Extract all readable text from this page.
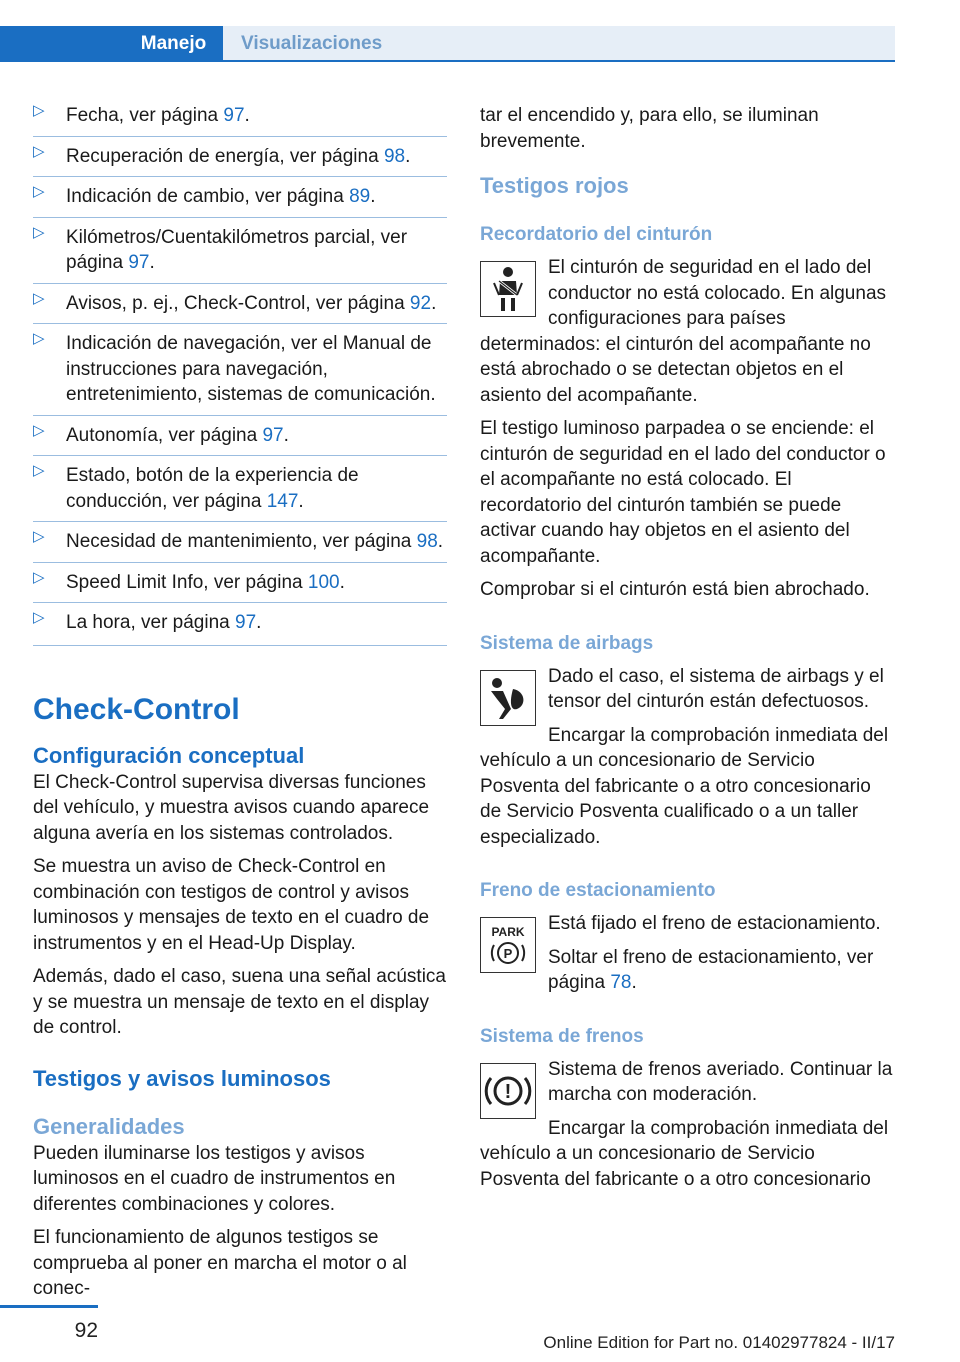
Manejo	Visualizaciones
▷ Fecha, ver página 97.
▷ Recuperación de energía, ver página 98.
▷ Indicación de cambio, ver página 89.
▷ Kilómetros/Cuentakilómetros parcial, ver página 97.
▷ Avisos, p. ej., Check-Control, ver página 92.
▷ Indicación de navegación, ver el Manual de instrucciones para navegación, entretenimiento, sistemas de comunicación.
▷ Autonomía, ver página 97.
▷ Estado, botón de la experiencia de conducción, ver página 147.
▷ Necesidad de mantenimiento, ver página 98.
▷ Speed Limit Info, ver página 100.
▷ La hora, ver página 97.
Check-Control
Configuración conceptual

El Check-Control supervisa diversas funciones del vehículo, y muestra avisos cuando aparece alguna avería en los sistemas controlados.

Se muestra un aviso de Check-Control en combinación con testigos de control y avisos luminosos y mensajes de texto en el cuadro de instrumentos y en el Head-Up Display.

Además, dado el caso, suena una señal acústica y se muestra un mensaje de texto en el display de control.

Testigos y avisos luminosos
Generalidades

Pueden iluminarse los testigos y avisos luminosos en el cuadro de instrumentos en diferentes combinaciones y colores.

El funcionamiento de algunos testigos se comprueba al poner en marcha el motor o al conec-

tar el encendido y, para ello, se iluminan brevemente.

Testigos rojos
Recordatorio del cinturón

El cinturón de seguridad en el lado del conductor no está colocado. En algunas configuraciones para países determinados: el cinturón del acompañante no está abrochado o se detectan objetos en el asiento del acompañante.

El testigo luminoso parpadea o se enciende: el cinturón de seguridad en el lado del conductor o el acompañante no está colocado. El recordatorio del cinturón también se puede activar cuando hay objetos en el asiento del acompañante.

Comprobar si el cinturón está bien abrochado.

Sistema de airbags

Dado el caso, el sistema de airbags y el tensor del cinturón están defectuosos.

Encargar la comprobación inmediata del vehículo a un concesionario de Servicio Posventa del fabricante o a otro concesionario de Servicio Posventa cualificado o a un taller especializado.

Freno de estacionamiento
PARK
P

Está fijado el freno de estacionamiento.

Soltar el freno de estacionamiento, ver página 78.

Sistema de frenos
!

Sistema de frenos averiado. Continuar la marcha con moderación.

Encargar la comprobación inmediata del vehículo a un concesionario de Servicio Posventa del fabricante o a otro concesionario

92
Online Edition for Part no. 01402977824 - II/17
